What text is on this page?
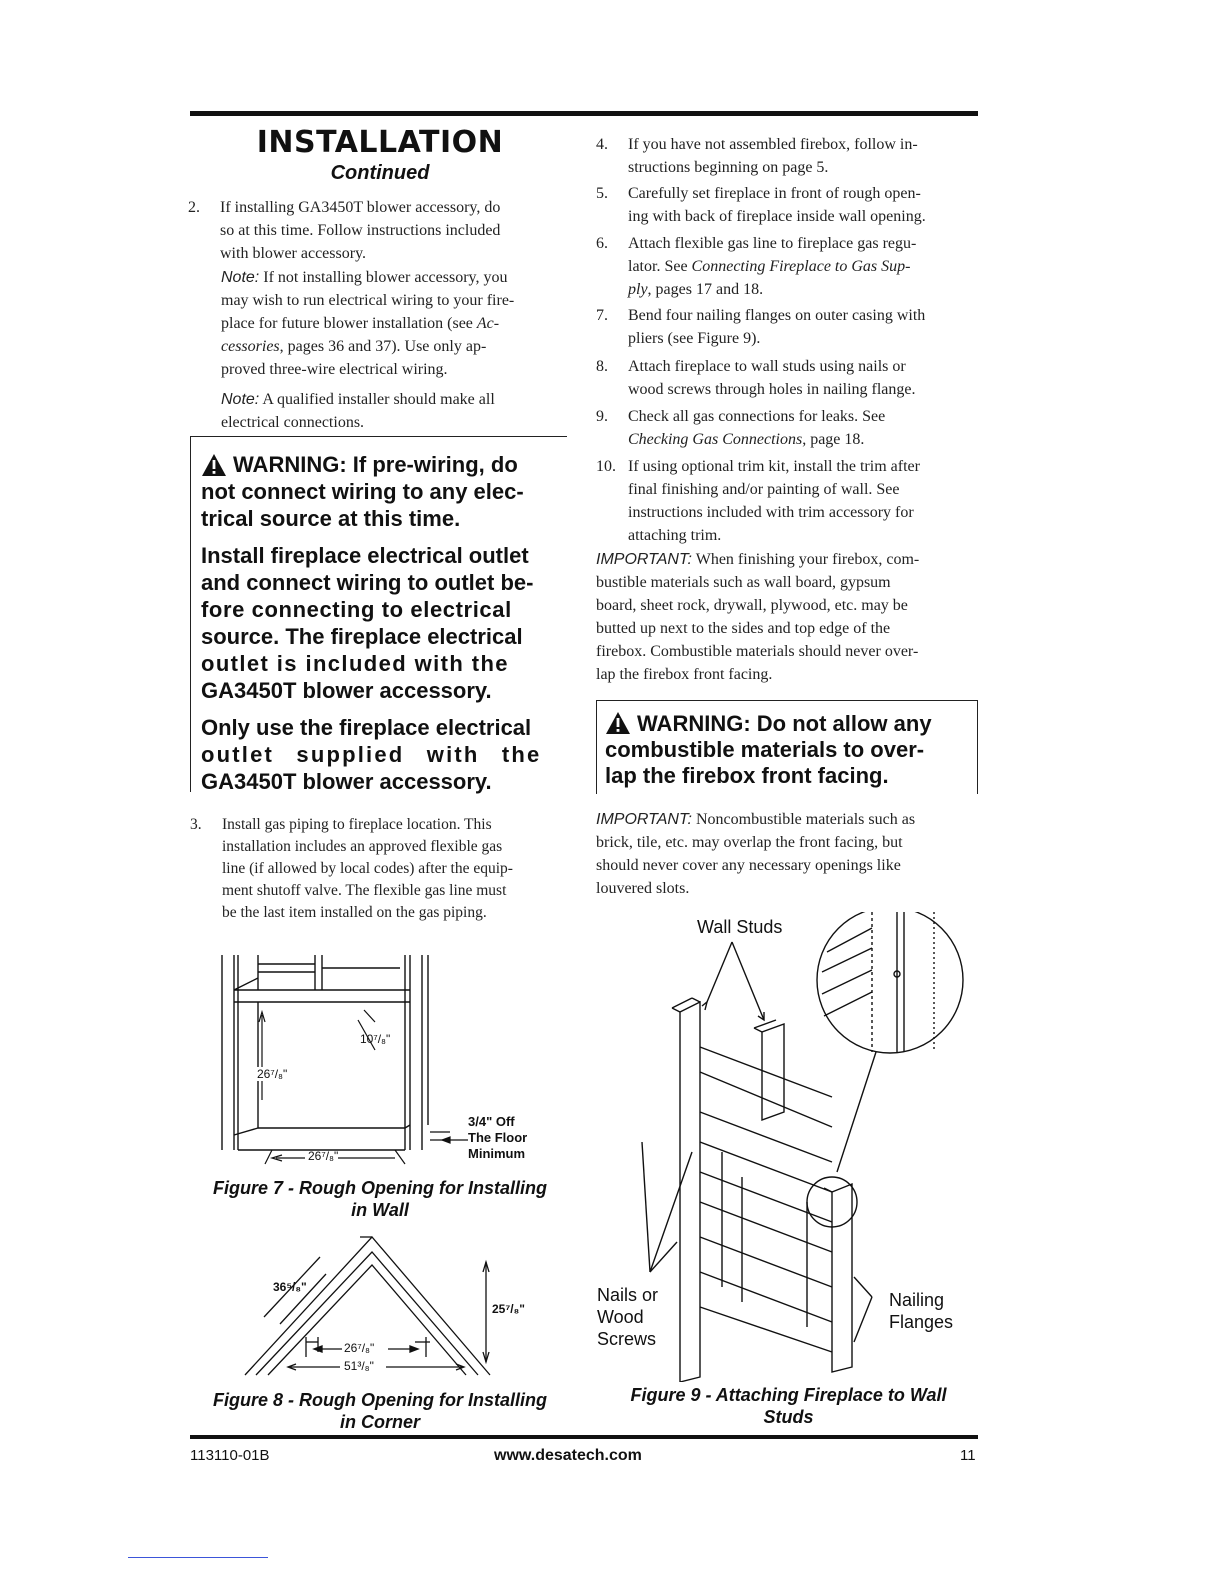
INSTALLATION
Continued
2. If installing GA3450T blower accessory, do
so at this time. Follow instructions included
with blower accessory.
Note: If not installing blower accessory, you
may wish to run electrical wiring to your fire-
place for future blower installation (see Ac-
cessories, pages 36 and 37). Use only ap-
proved three-wire electrical wiring.
Note: A qualified installer should make all
electrical connections.
WARNING: If pre-wiring, do

not connect wiring to any elec-

trical source at this time.

Install fireplace electrical outlet

and connect wiring to outlet be-

fore connecting to electrical

source. The fireplace electrical

outlet is included with the

GA3450T blower accessory.

Only use the fireplace electrical

outlet supplied with the

GA3450T blower accessory.

3. Install gas piping to fireplace location. This
installation includes an approved flexible gas
line (if allowed by local codes) after the equip-
ment shutoff valve. The flexible gas line must
be the last item installed on the gas piping.
10⁷/₈"
26⁷/₈"
26⁷/₈"
3/4" Off
The Floor
Minimum
Figure 7 - Rough Opening for Installing
in Wall
36⁵/₈"
25⁷/₈"
26⁷/₈"
51³/₈"
Figure 8 - Rough Opening for Installing
in Corner
4. If you have not assembled firebox, follow in-
structions beginning on page 5.
5. Carefully set fireplace in front of rough open-
ing with back of fireplace inside wall opening.
6. Attach flexible gas line to fireplace gas regu-
lator. See Connecting Fireplace to Gas Sup-
ply, pages 17 and 18.
7. Bend four nailing flanges on outer casing with
pliers (see Figure 9).
8. Attach fireplace to wall studs using nails or
wood screws through holes in nailing flange.
9. Check all gas connections for leaks. See
Checking Gas Connections, page 18.
10. If using optional trim kit, install the trim after
final finishing and/or painting of wall. See
instructions included with trim accessory for
attaching trim.
IMPORTANT: When finishing your firebox, com-
bustible materials such as wall board, gypsum
board, sheet rock, drywall, plywood, etc. may be
butted up next to the sides and top edge of the
firebox. Combustible materials should never over-
lap the firebox front facing.
WARNING: Do not allow any

combustible materials to over-

lap the firebox front facing.

IMPORTANT: Noncombustible materials such as
brick, tile, etc. may overlap the front facing, but
should never cover any necessary openings like
louvered slots.
Wall Studs
Nails or
Wood
Screws
Nailing
Flanges
Figure 9 - Attaching Fireplace to Wall
Studs
113110-01B	www.desatech.com	11
